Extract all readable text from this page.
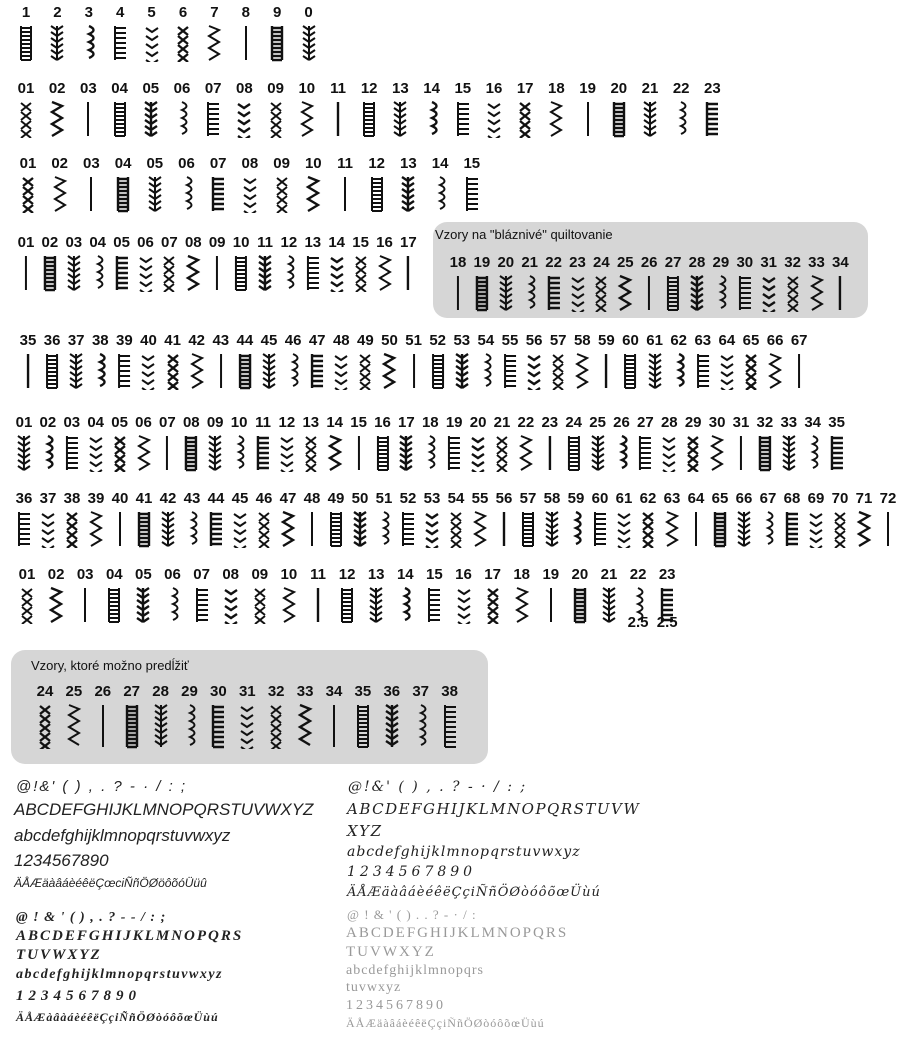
1 2 3 4 5 6 7 8 9 0
01 02 03 04 05 06 07 08 09 10 11 12 13 14 15 16 17 18 19 20 21 22 23
01 02 03 04 05 06 07 08 09 10 11 12 13 14 15
01 02 03 04 05 06 07 08 09 10 11 12 13 14 15 16 17
35 36 37 38 39 40 41 42 43 44 45 46 47 48 49 50 51 52 53 54 55 56 57 58 59 60 61 62 63 64 65 66 67
01 02 03 04 05 06 07 08 09 10 11 12 13 14 15 16 17 18 19 20 21 22 23 24 25 26 27 28 29 30 31 32 33 34 35
36 37 38 39 40 41 42 43 44 45 46 47 48 49 50 51 52 53 54 55 56 57 58 59 60 61 62 63 64 65 66 67 68 69 70 71 72
01 02 03 04 05 06 07 08 09 10 11 12 13 14 15 16 17 18 19 20 21 22 23
18 19 20 21 22 23 24 25 26 27 28 29 30 31 32 33 34
24 25 26 27 28 29 30 31 32 33 34 35 36 37 38
2.5 2.5
Vzory na "bláznivé" quiltovanie
Vzory, ktoré možno predĺžiť
@!&' ( ) , . ? - · / : ;
ABCDEFGHIJKLMNOPQRSTUVWXYZ
abcdefghijklmnopqrstuvwxyz
1234567890
ÄÅÆäàâáèéêëÇœciÑñÖØöôõóÜüû
@!&' ( ) , . ? - · / : ;
ABCDEFGHIJKLMNOPQRSTUVW
XYZ
abcdefghijklmnopqrstuvwxyz
1234567890
ÄÅÆäàâáèéêëÇçiÑñÖØòóôõœÜùú
@ ! & ' ( ) , . ? - - / : ;
ABCDEFGHIJKLMNOPQRS
TUVWXYZ
abcdefghijklmnopqrstuvwxyz
1234567890
ÄÅÆàâàáèéêëÇçiÑñÖØòóôõœÜùú
@ ! & ' ( ) . . ? - · / :
ABCDEFGHIJKLMNOPQRS
TUVWXYZ
abcdefghijklmnopqrs
tuvwxyz
1234567890
ÄÅÆäàâáèéêëÇçiÑñÖØòóôõœÜùú
